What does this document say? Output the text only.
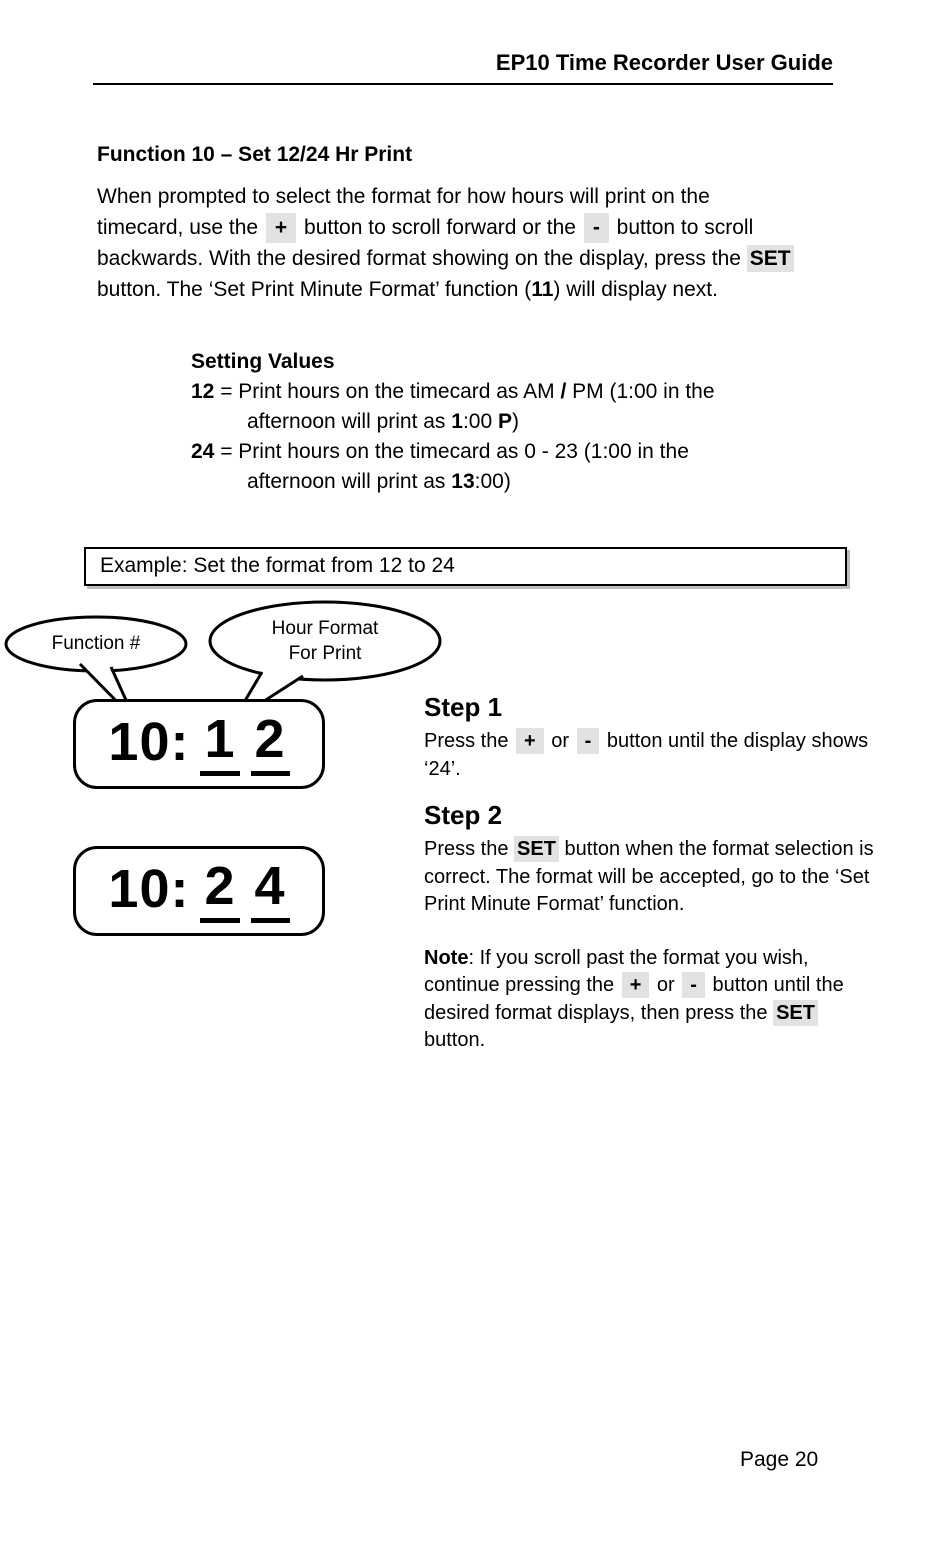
EP10 Time Recorder User Guide
Function 10 – Set 12/24 Hr Print

When prompted to select the format for how hours will print on the timecard, use the + button to scroll forward or the - button to scroll backwards. With the desired format showing on the display, press the SET button. The ‘Set Print Minute Format’ function (11) will display next.

Setting Values
12 = Print hours on the timecard as AM / PM (1:00 in the afternoon will print as 1:00 P)
24 = Print hours on the timecard as 0 - 23 (1:00 in the afternoon will print as 13:00)
Example: Set the format from 12 to 24
Function #
Hour Format
For Print
10: 1 2
10: 2 4
Step 1

Press the + or - button until the display shows ‘24’.

Step 2

Press the SET button when the format selection is correct. The format will be accepted, go to the ‘Set Print Minute Format’ function.

Note: If you scroll past the format you wish, continue pressing the + or - button until the desired format displays, then press the SET button.

Page 20
